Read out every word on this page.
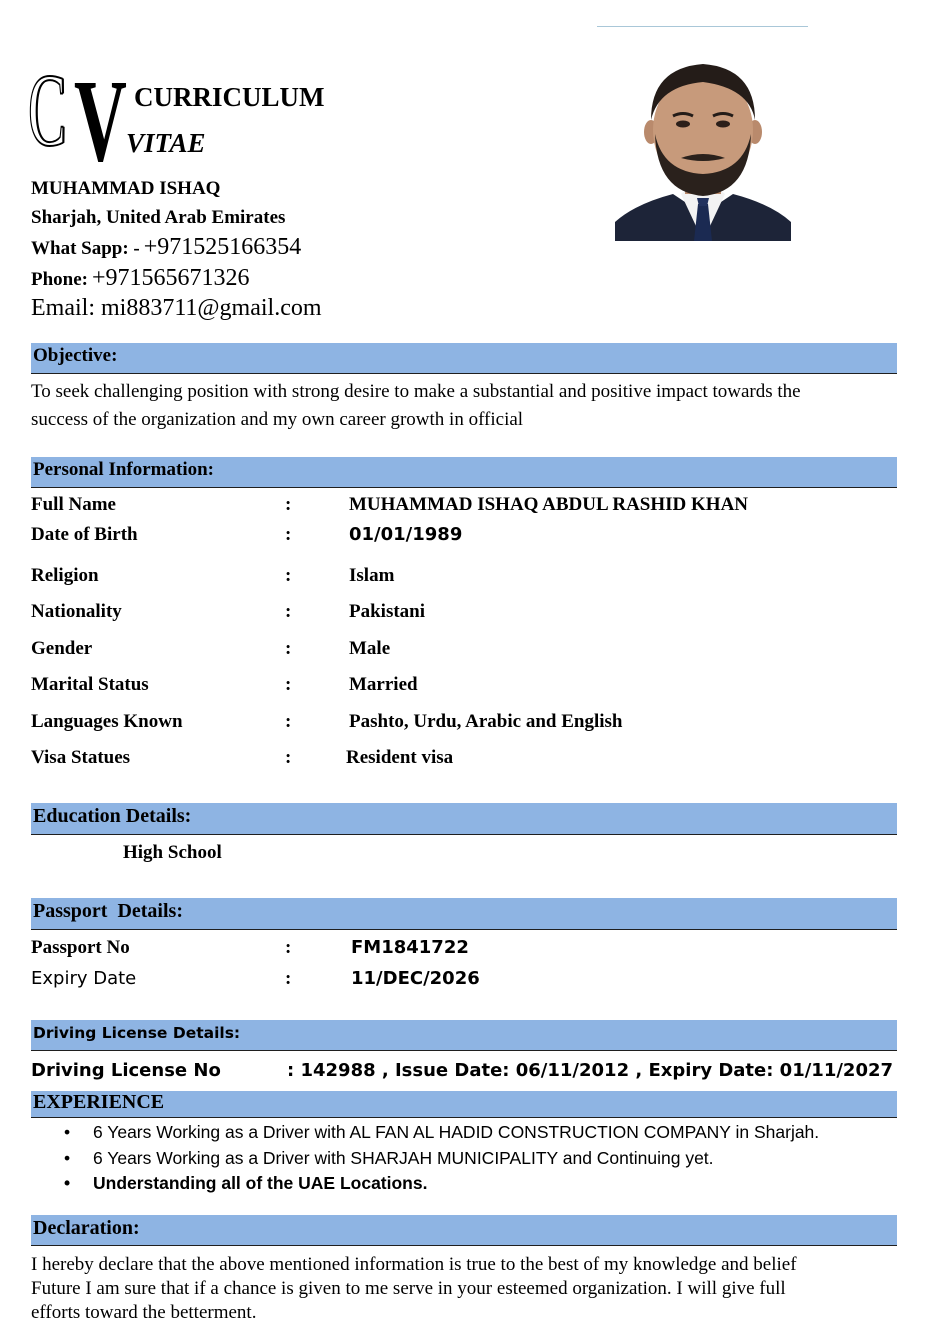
C V CURRICULUM
VITAE
MUHAMMAD ISHAQ
Sharjah, United Arab Emirates
What Sapp: - +971525166354
Phone: +971565671326
Email: mi883711@gmail.com
Objective:
To seek challenging position with strong desire to make a substantial and positive impact towards the
success of the organization and my own career growth in official
Personal Information:
Full Name	:	MUHAMMAD ISHAQ ABDUL RASHID KHAN
Date of Birth	:	01/01/1989
Religion	:	Islam
Nationality	:	Pakistani
Gender	:	Male
Marital Status	:	Married
Languages Known	:	Pashto, Urdu, Arabic and English
Visa Statues	:	Resident visa
Education Details:
High School
Passport  Details:
Passport No	:	FM1841722
Expiry Date	:	11/DEC/2026
Driving License Details:
Driving License No	: 142988 , Issue Date: 06/11/2012 , Expiry Date: 01/11/2027
EXPERIENCE
• 6 Years Working as a Driver with AL FAN AL HADID CONSTRUCTION COMPANY in Sharjah.
• 6 Years Working as a Driver with SHARJAH MUNICIPALITY and Continuing yet.
• Understanding all of the UAE Locations.
Declaration:
I hereby declare that the above mentioned information is true to the best of my knowledge and belief
Future I am sure that if a chance is given to me serve in your esteemed organization. I will give full
efforts toward the betterment.
